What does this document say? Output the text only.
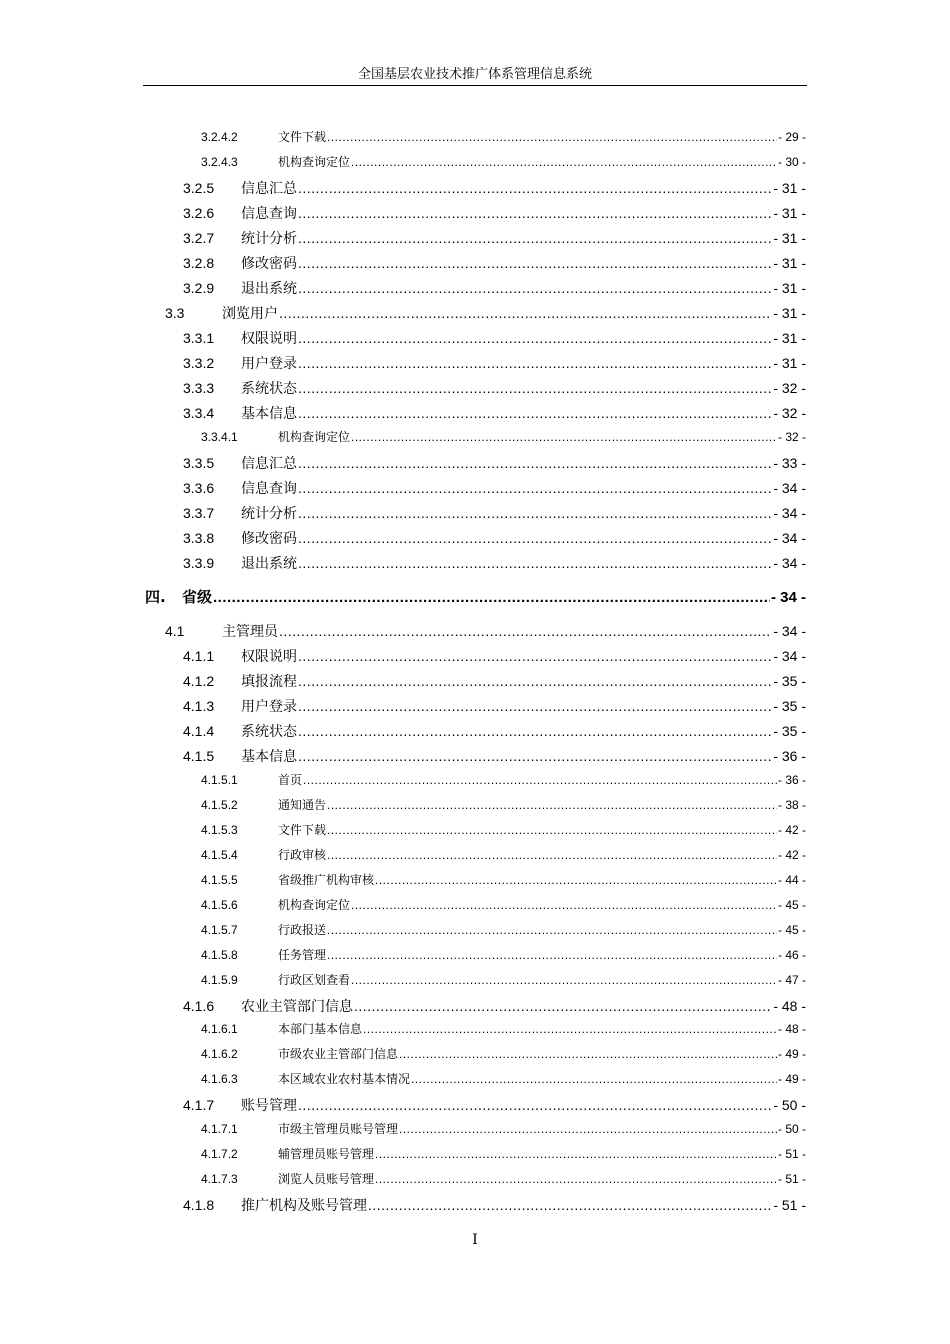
全国基层农业技术推广体系管理信息系统
3.2.4.2	文件下载 .....	- 29 -
3.2.4.3	机构查询定位 .....	- 30 -
3.2.5	信息汇总 .....	- 31 -
3.2.6	信息查询 .....	- 31 -
3.2.7	统计分析 .....	- 31 -
3.2.8	修改密码 .....	- 31 -
3.2.9	退出系统 .....	- 31 -
3.3	浏览用户 .....	- 31 -
3.3.1	权限说明 .....	- 31 -
3.3.2	用户登录 .....	- 31 -
3.3.3	系统状态 .....	- 32 -
3.3.4	基本信息 .....	- 32 -
3.3.4.1	机构查询定位 .....	- 32 -
3.3.5	信息汇总 .....	- 33 -
3.3.6	信息查询 .....	- 34 -
3.3.7	统计分析 .....	- 34 -
3.3.8	修改密码 .....	- 34 -
3.3.9	退出系统 .....	- 34 -
四.	省级 .....	- 34 -
4.1	主管理员 .....	- 34 -
4.1.1	权限说明 .....	- 34 -
4.1.2	填报流程 .....	- 35 -
4.1.3	用户登录 .....	- 35 -
4.1.4	系统状态 .....	- 35 -
4.1.5	基本信息 .....	- 36 -
4.1.5.1	首页 .....	- 36 -
4.1.5.2	通知通告 .....	- 38 -
4.1.5.3	文件下载 .....	- 42 -
4.1.5.4	行政审核 .....	- 42 -
4.1.5.5	省级推广机构审核 .....	- 44 -
4.1.5.6	机构查询定位 .....	- 45 -
4.1.5.7	行政报送 .....	- 45 -
4.1.5.8	任务管理 .....	- 46 -
4.1.5.9	行政区划查看 .....	- 47 -
4.1.6	农业主管部门信息 .....	- 48 -
4.1.6.1	本部门基本信息 .....	- 48 -
4.1.6.2	市级农业主管部门信息 .....	- 49 -
4.1.6.3	本区域农业农村基本情况 .....	- 49 -
4.1.7	账号管理 .....	- 50 -
4.1.7.1	市级主管理员账号管理 .....	- 50 -
4.1.7.2	辅管理员账号管理 .....	- 51 -
4.1.7.3	浏览人员账号管理 .....	- 51 -
4.1.8	推广机构及账号管理 .....	- 51 -
I
